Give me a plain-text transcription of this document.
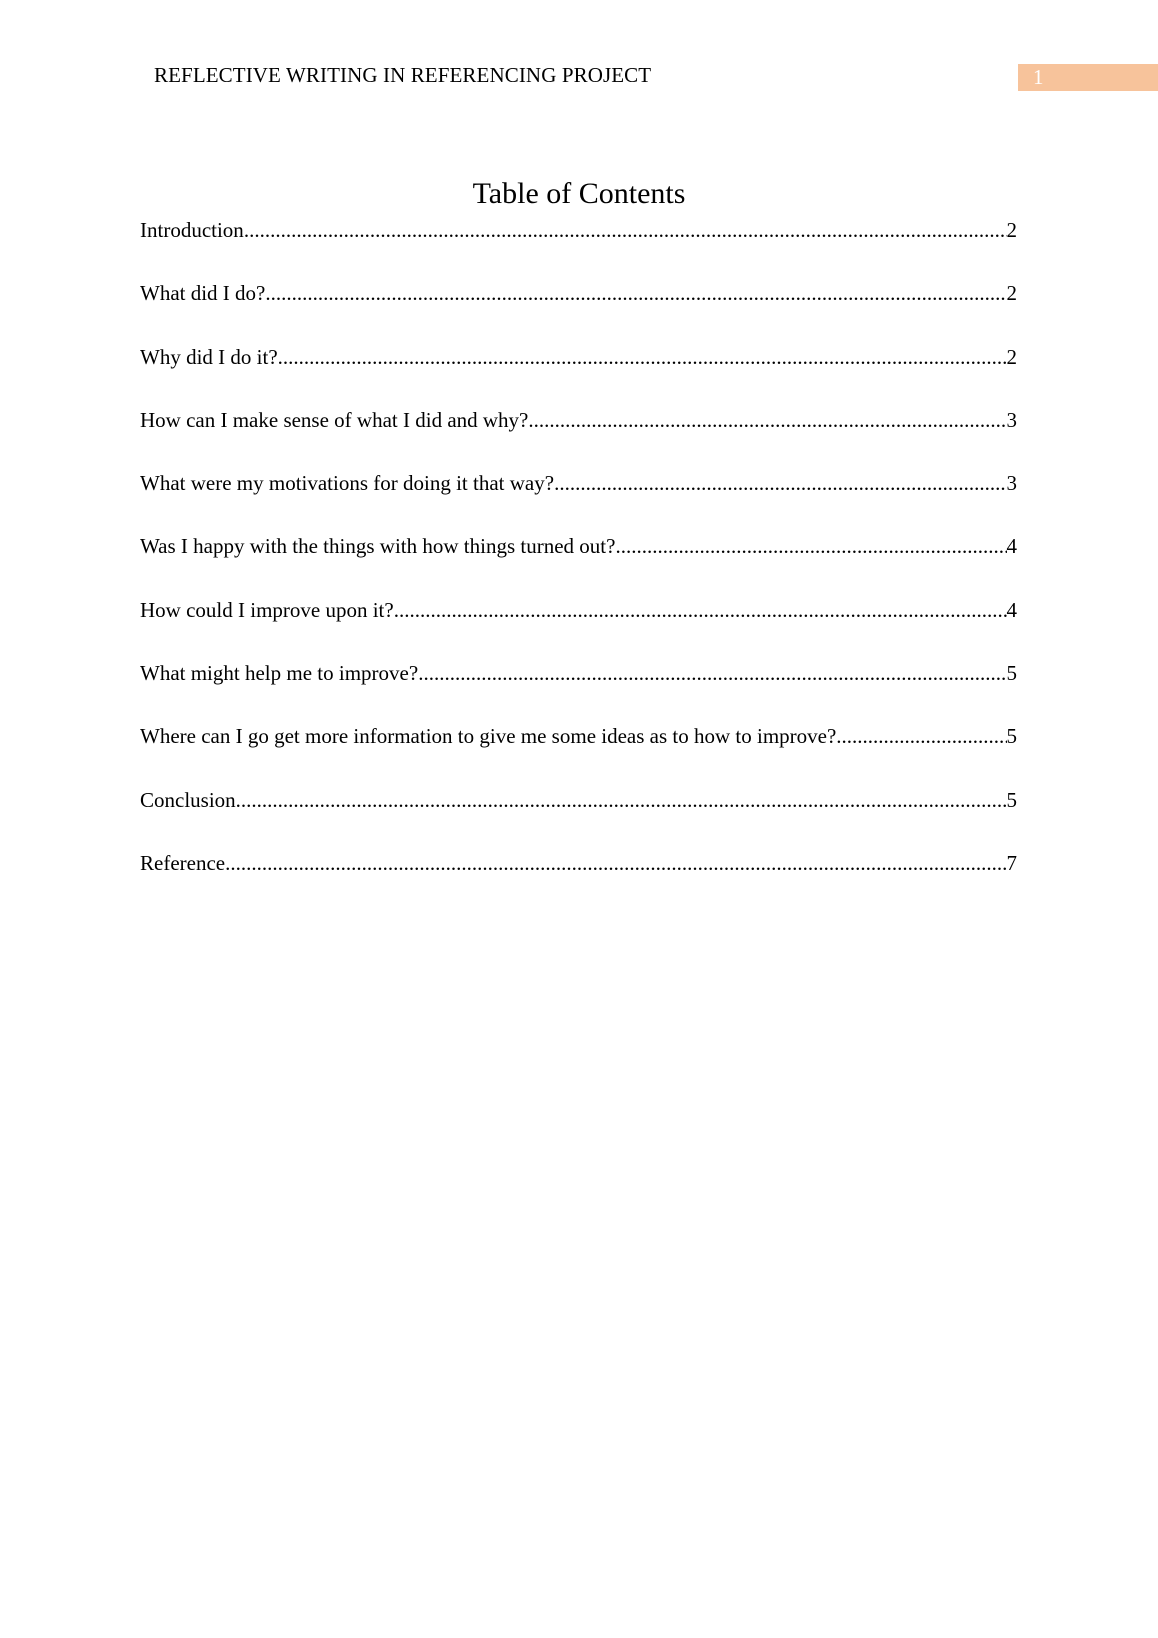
REFLECTIVE WRITING IN REFERENCING PROJECT	1
Table of Contents
Introduction .....	2
What did I do? .....	2
Why did I do it? .....	2
How can I make sense of what I did and why? .....	3
What were my motivations for doing it that way? .....	3
Was I happy with the things with how things turned out? .....	4
How could I improve upon it? .....	4
What might help me to improve? .....	5
Where can I go get more information to give me some ideas as to how to improve? .....	5
Conclusion .....	5
Reference .....	7
